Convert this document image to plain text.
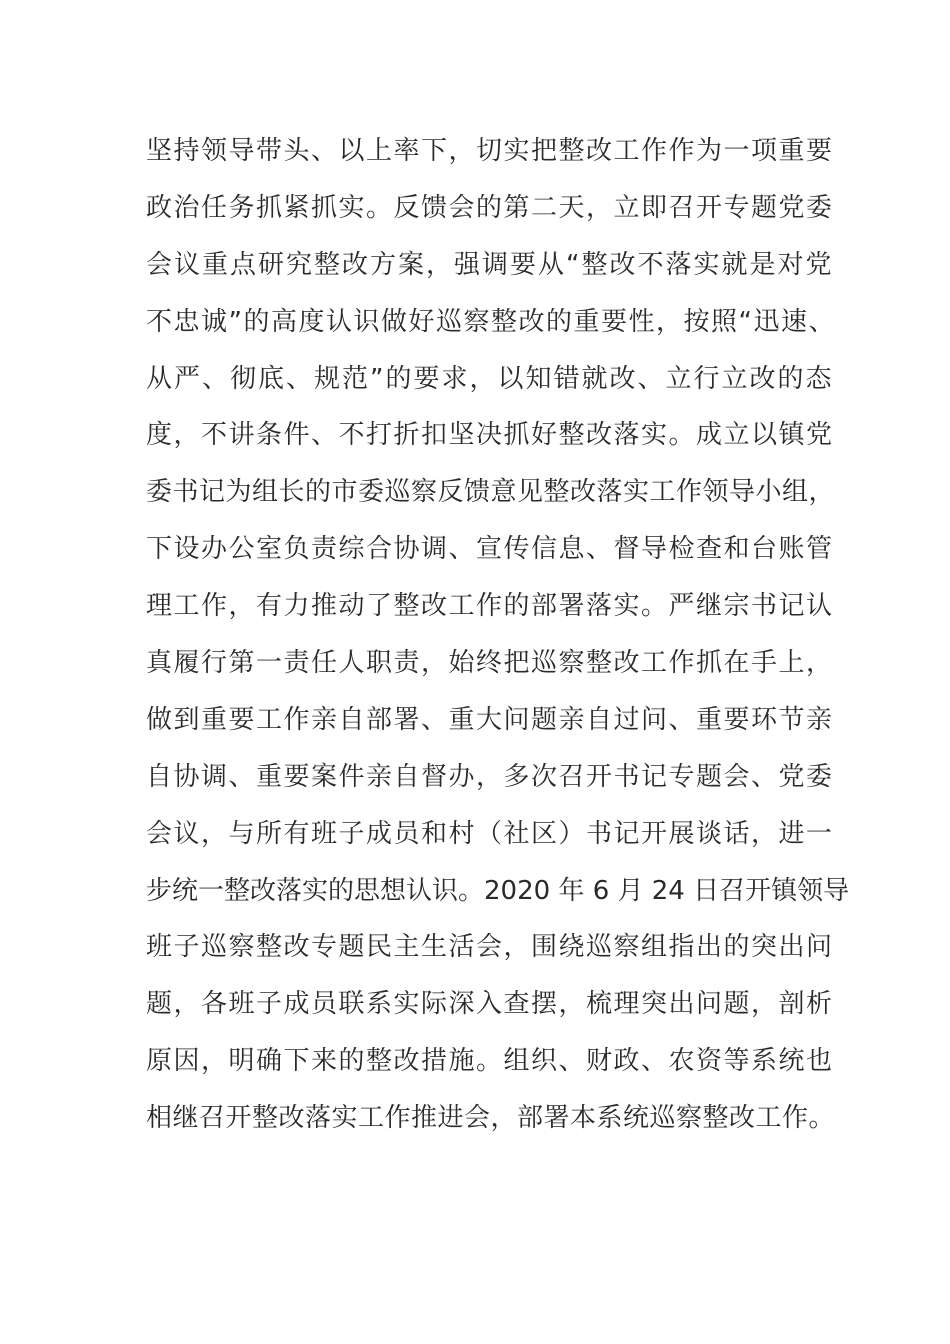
坚持领导带头、以上率下，切实把整改工作作为一项重要
政治任务抓紧抓实。反馈会的第二天，立即召开专题党委
会议重点研究整改方案，强调要从“整改不落实就是对党
不忠诚”的高度认识做好巡察整改的重要性，按照“迅速、
从严、彻底、规范”的要求，以知错就改、立行立改的态
度，不讲条件、不打折扣坚决抓好整改落实。成立以镇党
委书记为组长的市委巡察反馈意见整改落实工作领导小组，
下设办公室负责综合协调、宣传信息、督导检查和台账管
理工作，有力推动了整改工作的部署落实。严继宗书记认
真履行第一责任人职责，始终把巡察整改工作抓在手上，
做到重要工作亲自部署、重大问题亲自过问、重要环节亲
自协调、重要案件亲自督办，多次召开书记专题会、党委
会议，与所有班子成员和村（社区）书记开展谈话，进一
步统一整改落实的思想认识。2020 年 6 月 24 日召开镇领导
班子巡察整改专题民主生活会，围绕巡察组指出的突出问
题，各班子成员联系实际深入查摆，梳理突出问题，剖析
原因，明确下来的整改措施。组织、财政、农资等系统也
相继召开整改落实工作推进会，部署本系统巡察整改工作。
